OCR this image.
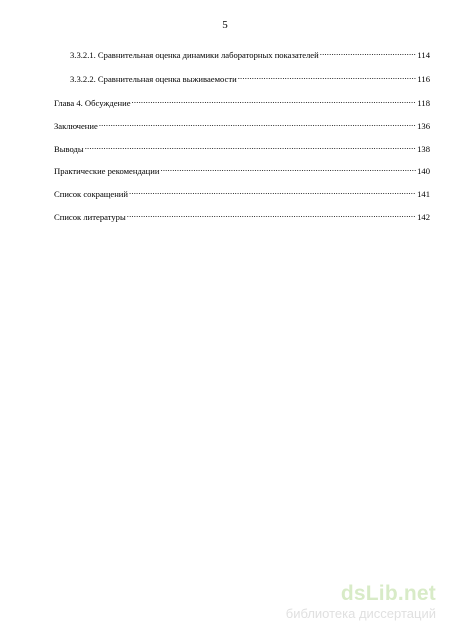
5
3.3.2.1. Сравнительная оценка динамики лабораторных показателей .....	114
3.3.2.2. Сравнительная оценка выживаемости .....	116
Глава 4. Обсуждение .....	118
Заключение .....	136
Выводы .....	138
Практические рекомендации .....	140
Список сокращений .....	141
Список литературы .....	142
dsLib.net
библиотека диссертаций
